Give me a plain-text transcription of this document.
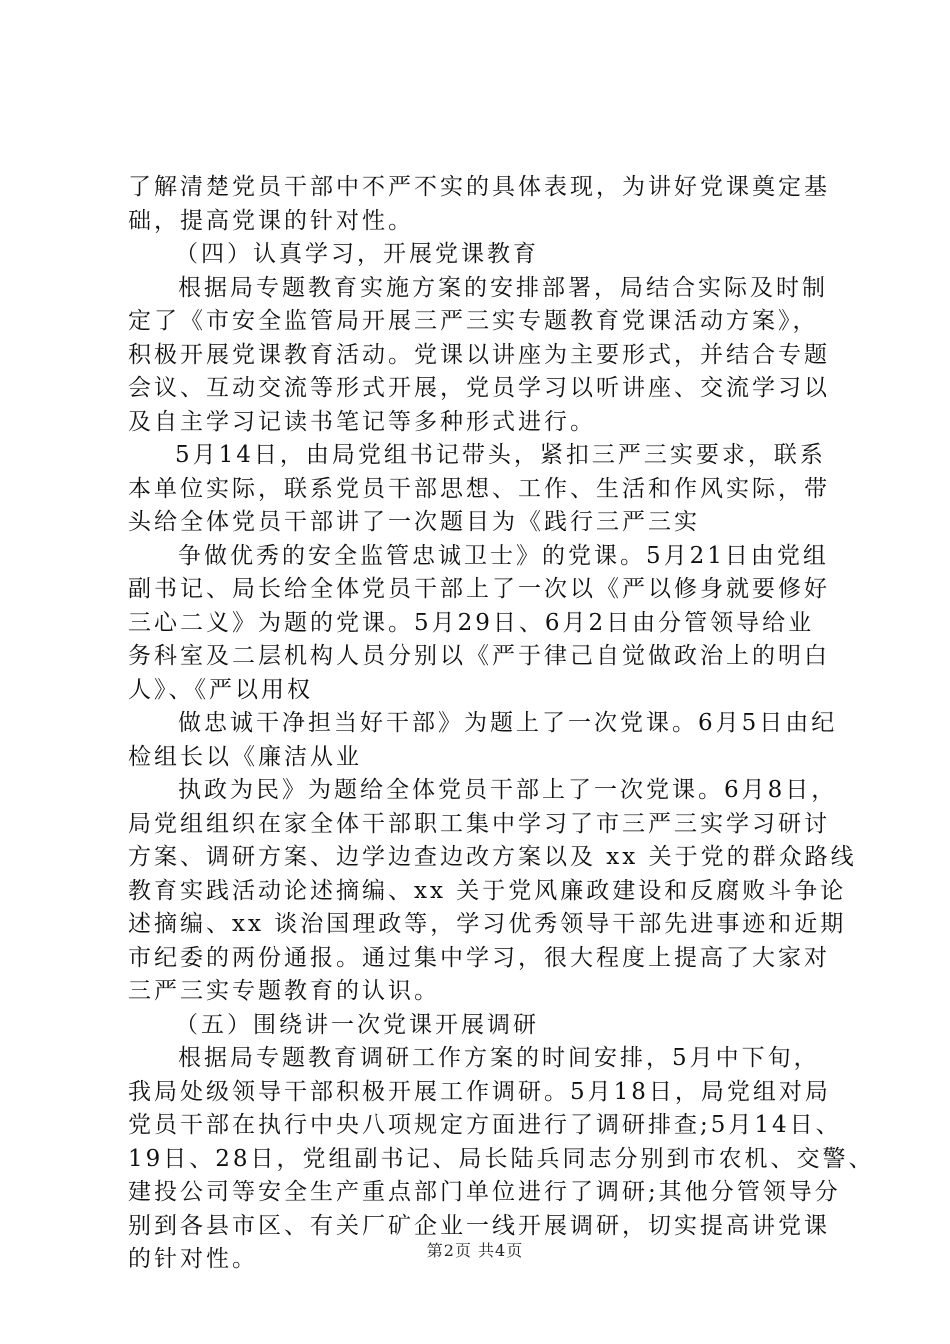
了解清楚党员干部中不严不实的具体表现，为讲好党课奠定基
础，提高党课的针对性。
（四）认真学习，开展党课教育
根据局专题教育实施方案的安排部署，局结合实际及时制
定了《市安全监管局开展三严三实专题教育党课活动方案》，
积极开展党课教育活动。党课以讲座为主要形式，并结合专题
会议、互动交流等形式开展，党员学习以听讲座、交流学习以
及自主学习记读书笔记等多种形式进行。
5月14日，由局党组书记带头，紧扣三严三实要求，联系
本单位实际，联系党员干部思想、工作、生活和作风实际，带
头给全体党员干部讲了一次题目为《践行三严三实
争做优秀的安全监管忠诚卫士》的党课。5月21日由党组
副书记、局长给全体党员干部上了一次以《严以修身就要修好
三心二义》为题的党课。5月29日、6月2日由分管领导给业
务科室及二层机构人员分别以《严于律己自觉做政治上的明白
人》、《严以用权
做忠诚干净担当好干部》为题上了一次党课。6月5日由纪
检组长以《廉洁从业
执政为民》为题给全体党员干部上了一次党课。6月8日，
局党组组织在家全体干部职工集中学习了市三严三实学习研讨
方案、调研方案、边学边查边改方案以及 xx 关于党的群众路线
教育实践活动论述摘编、xx 关于党风廉政建设和反腐败斗争论
述摘编、xx 谈治国理政等，学习优秀领导干部先进事迹和近期
市纪委的两份通报。通过集中学习，很大程度上提高了大家对
三严三实专题教育的认识。
（五）围绕讲一次党课开展调研
根据局专题教育调研工作方案的时间安排，5月中下旬，
我局处级领导干部积极开展工作调研。5月18日，局党组对局
党员干部在执行中央八项规定方面进行了调研排查;5月14日、
19日、28日，党组副书记、局长陆兵同志分别到市农机、交警、
建投公司等安全生产重点部门单位进行了调研;其他分管领导分
别到各县市区、有关厂矿企业一线开展调研，切实提高讲党课
的针对性。	第2页 共4页
